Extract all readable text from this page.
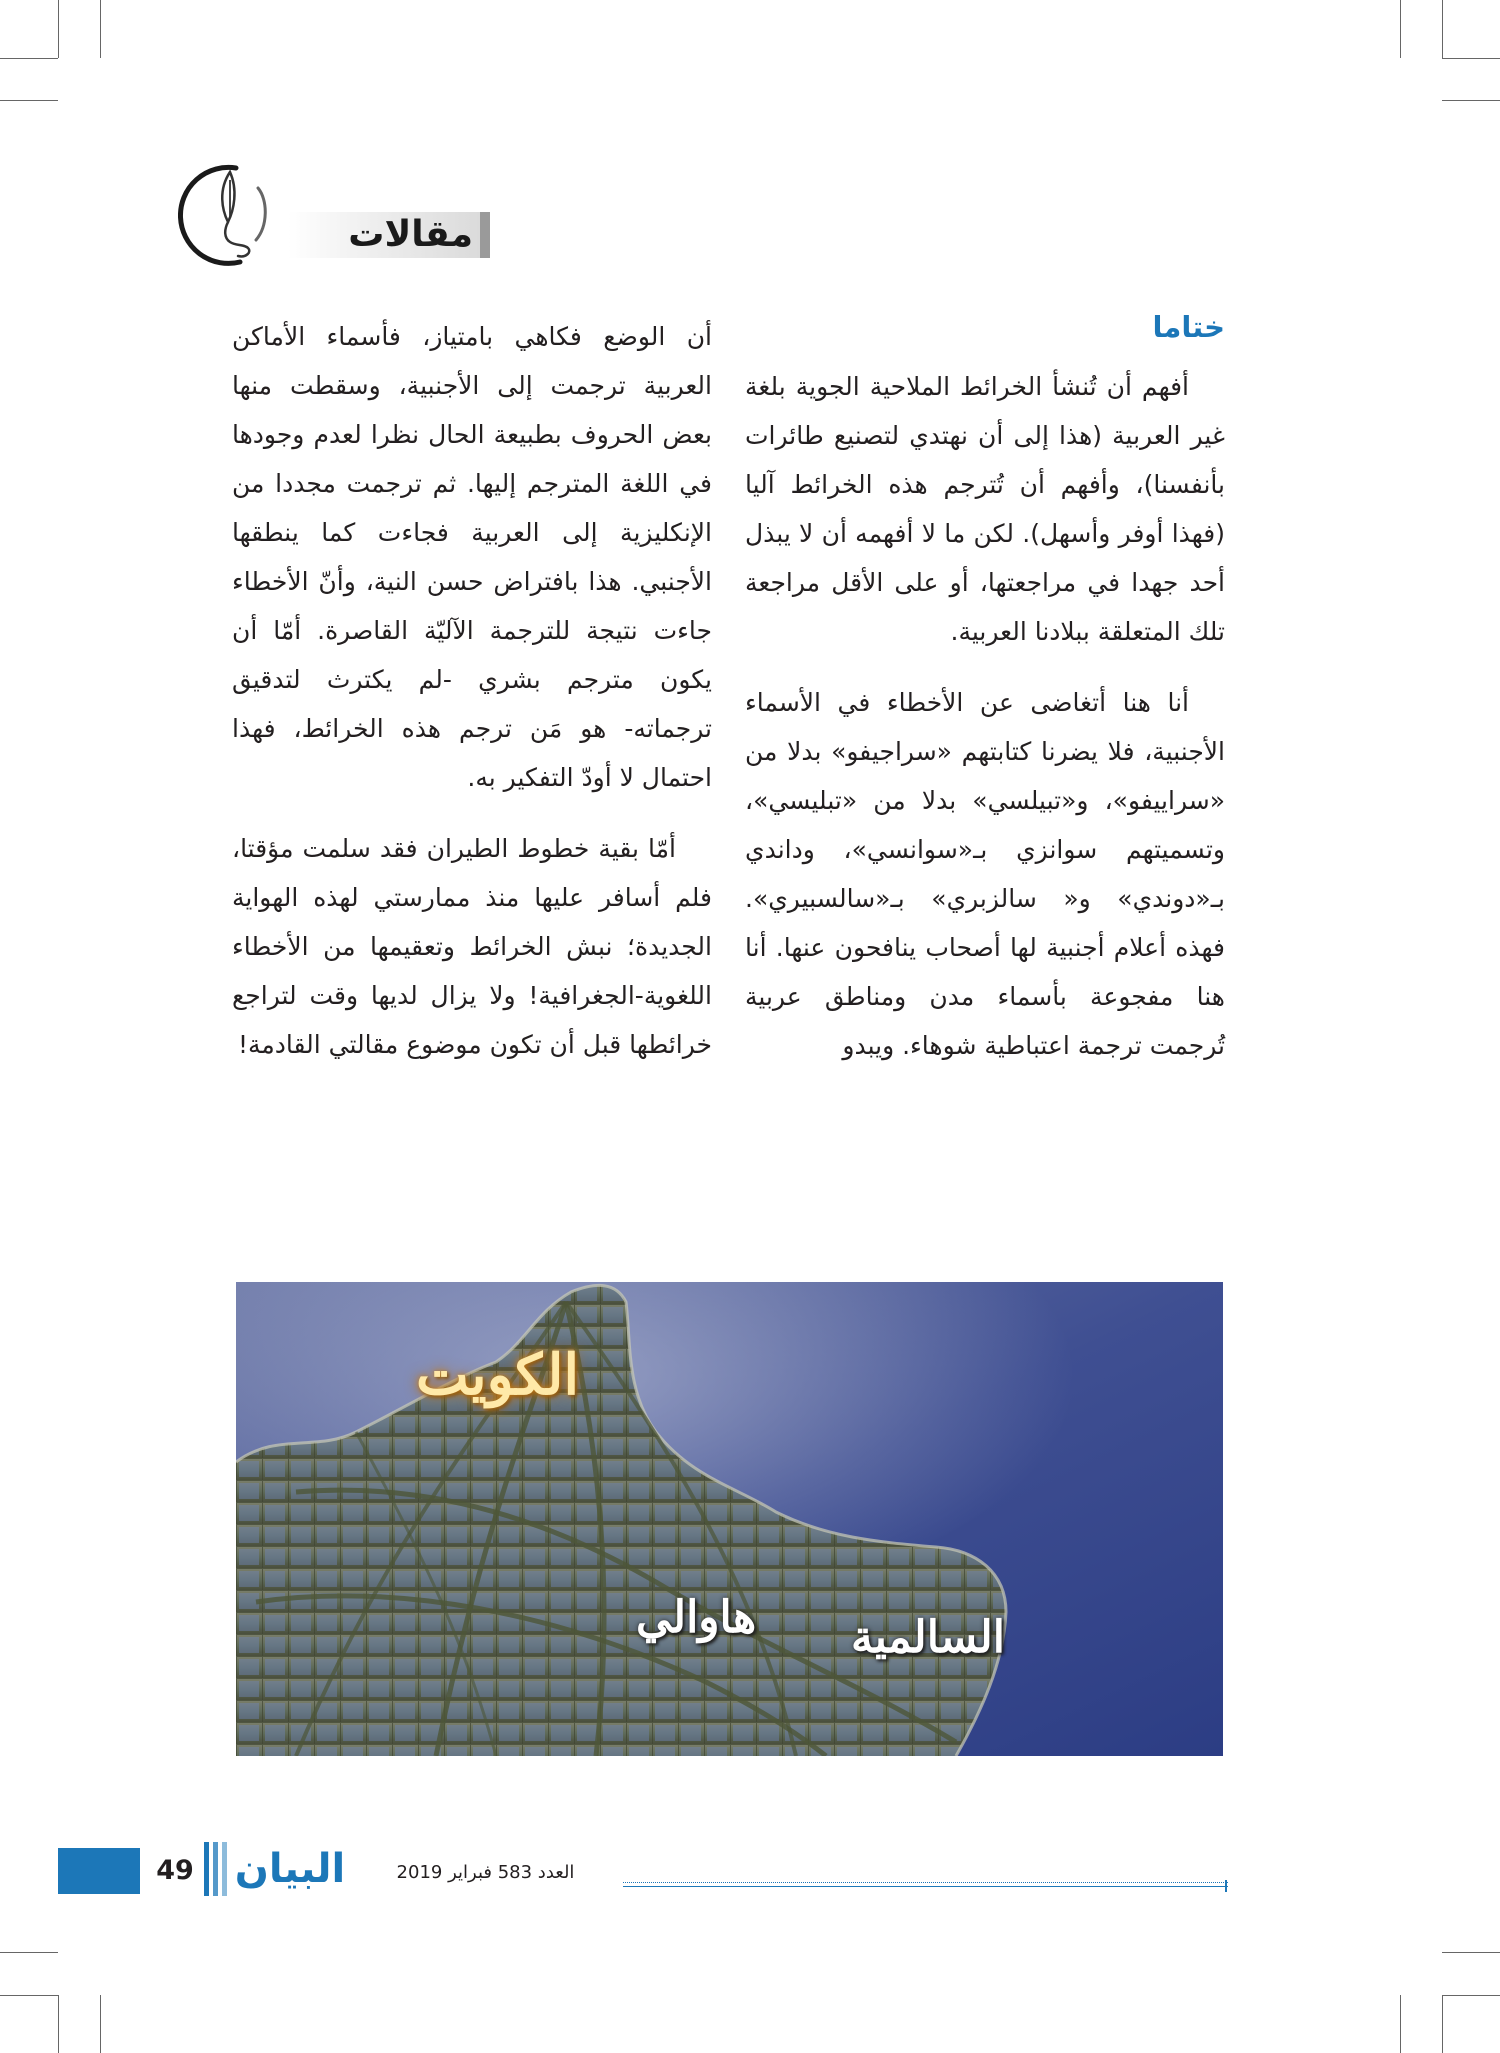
مقالات
ختاما

أفهم أن تُنشأ الخرائط الملاحية الجوية بلغة غير العربية (هذا إلى أن نهتدي لتصنيع طائرات بأنفسنا)، وأفهم أن تُترجم هذه الخرائط آليا (فهذا أوفر وأسهل). لكن ما لا أفهمه أن لا يبذل أحد جهدا في مراجعتها، أو على الأقل مراجعة تلك المتعلقة ببلادنا العربية.

أنا هنا أتغاضى عن الأخطاء في الأسماء الأجنبية، فلا يضرنا كتابتهم «سراجيفو» بدلا من «سراييفو»، و«تبيلسي» بدلا من «تبليسي»، وتسميتهم سوانزي بـ«سوانسي»، وداندي بـ«دوندي» و« سالزبري» بـ«سالسبيري». فهذه أعلام أجنبية لها أصحاب ينافحون عنها. أنا هنا مفجوعة بأسماء مدن ومناطق عربية تُرجمت ترجمة اعتباطية شوهاء. ويبدو

أن الوضع فكاهي بامتياز، فأسماء الأماكن العربية ترجمت إلى الأجنبية، وسقطت منها بعض الحروف بطبيعة الحال نظرا لعدم وجودها في اللغة المترجم إليها. ثم ترجمت مجددا من الإنكليزية إلى العربية فجاءت كما ينطقها الأجنبي. هذا بافتراض حسن النية، وأنّ الأخطاء جاءت نتيجة للترجمة الآليّة القاصرة. أمّا أن يكون مترجم بشري -لم يكترث لتدقيق ترجماته- هو مَن ترجم هذه الخرائط، فهذا احتمال لا أودّ التفكير به.

أمّا بقية خطوط الطيران فقد سلمت مؤقتا، فلم أسافر عليها منذ ممارستي لهذه الهواية الجديدة؛ نبش الخرائط وتعقيمها من الأخطاء اللغوية-الجغرافية! ولا يزال لديها وقت لتراجع خرائطها قبل أن تكون موضوع مقالتي القادمة!

الكويت
هاوالي السالمية
49 البيان	العدد 583 فبراير 2019
